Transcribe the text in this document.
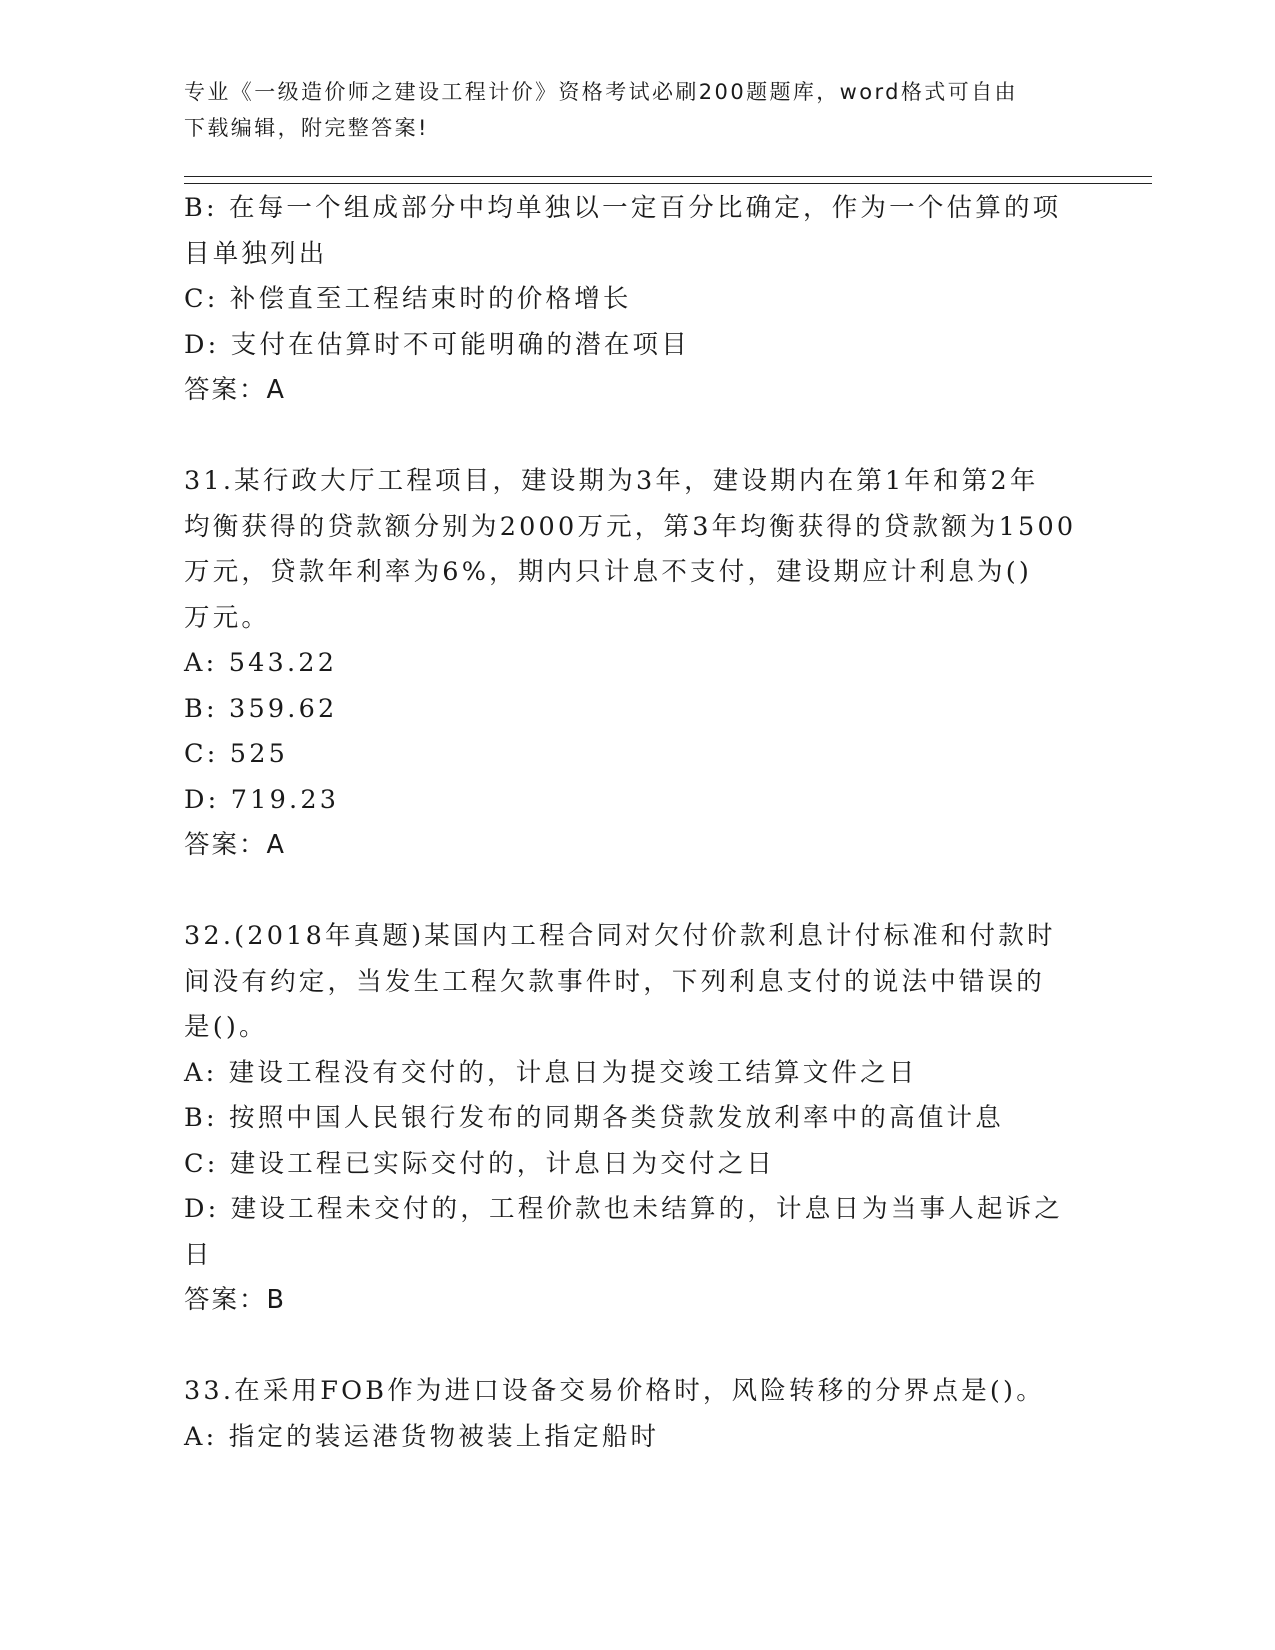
专业《一级造价师之建设工程计价》资格考试必刷200题题库，word格式可自由
下载编辑，附完整答案!
B: 在每一个组成部分中均单独以一定百分比确定，作为一个估算的项
目单独列出
C: 补偿直至工程结束时的价格增长
D: 支付在估算时不可能明确的潜在项目
答案：A
31.某行政大厅工程项目，建设期为3年，建设期内在第1年和第2年
均衡获得的贷款额分别为2000万元，第3年均衡获得的贷款额为1500
万元，贷款年利率为6%，期内只计息不支付，建设期应计利息为()
万元。
A: 543.22
B: 359.62
C: 525
D: 719.23
答案：A
32.(2018年真题)某国内工程合同对欠付价款利息计付标准和付款时
间没有约定，当发生工程欠款事件时，下列利息支付的说法中错误的
是()。
A: 建设工程没有交付的，计息日为提交竣工结算文件之日
B: 按照中国人民银行发布的同期各类贷款发放利率中的高值计息
C: 建设工程已实际交付的，计息日为交付之日
D: 建设工程未交付的，工程价款也未结算的，计息日为当事人起诉之
日
答案：B
33.在采用FOB作为进口设备交易价格时，风险转移的分界点是()。
A: 指定的装运港货物被装上指定船时
